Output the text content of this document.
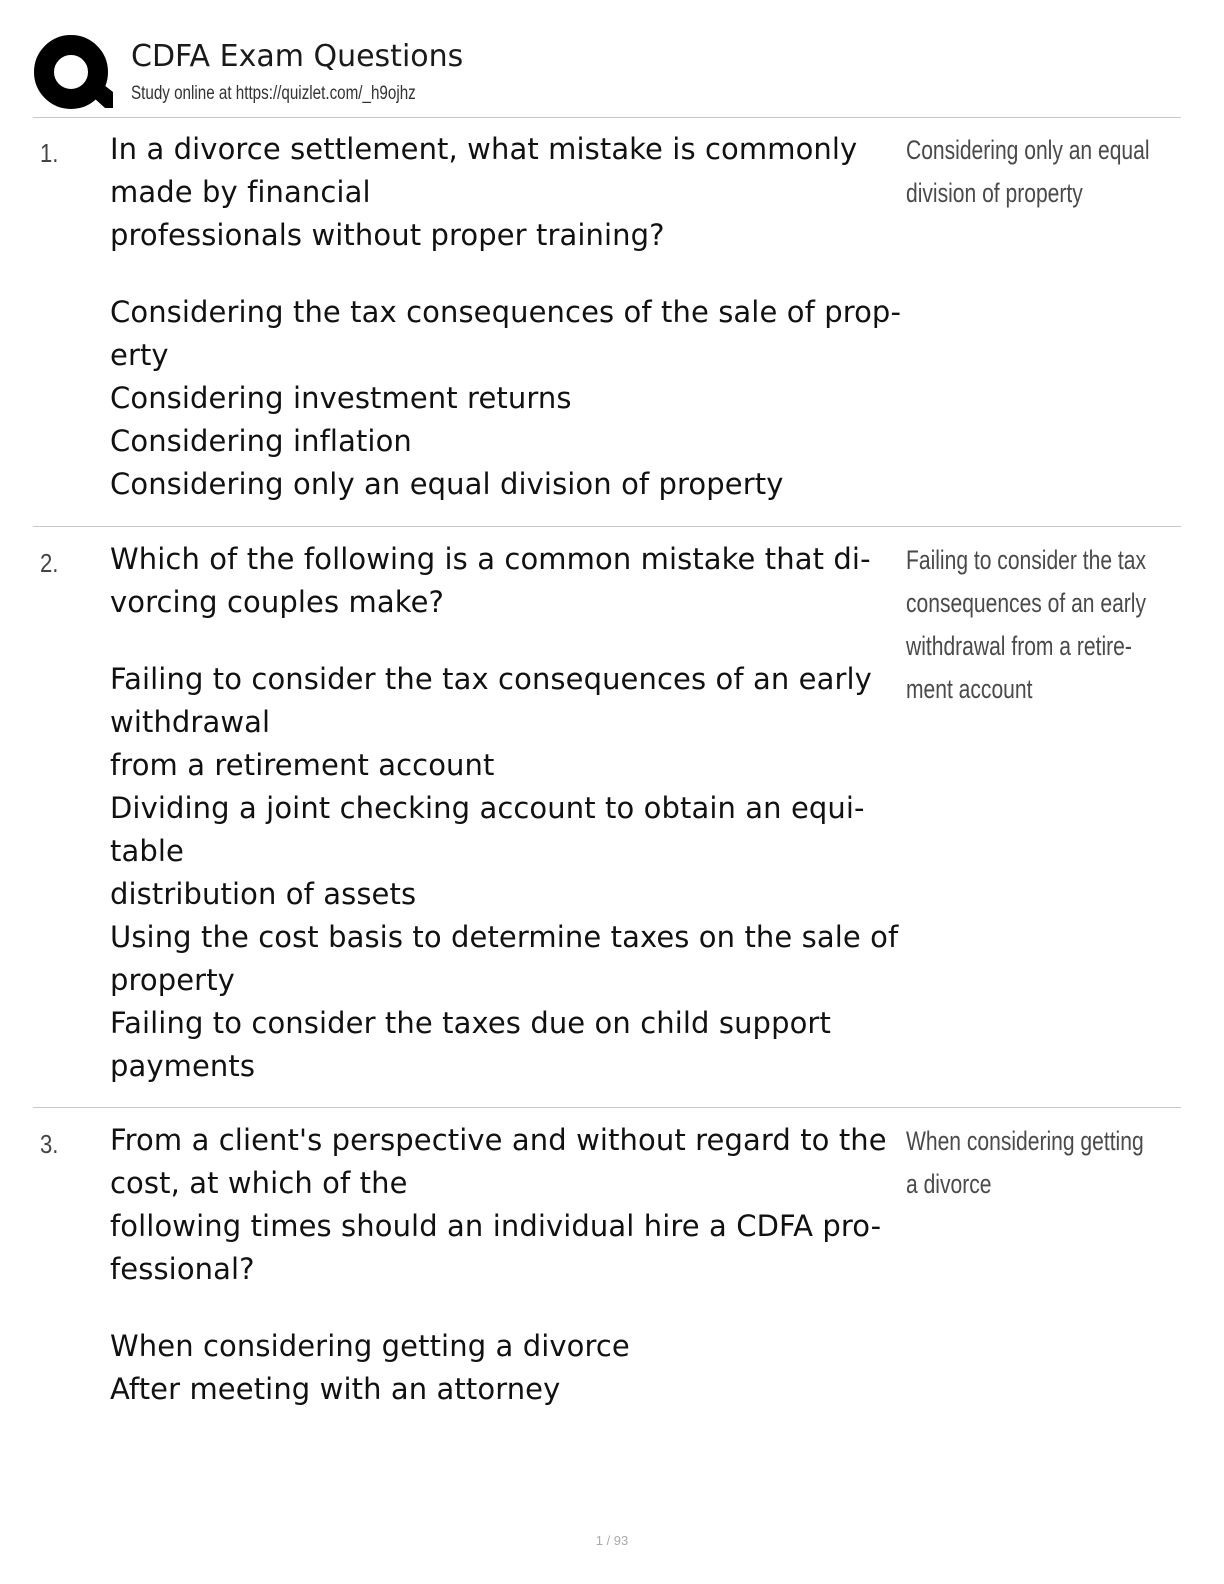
CDFA Exam Questions
Study online at https://quizlet.com/_h9ojhz
1. In a divorce settlement, what mistake is commonly
made by financial
professionals without proper training?
Considering the tax consequences of the sale of prop-
erty
Considering investment returns
Considering inflation
Considering only an equal division of property
Considering only an equal
division of property
2. Which of the following is a common mistake that di-
vorcing couples make?
Failing to consider the tax consequences of an early
withdrawal
from a retirement account
Dividing a joint checking account to obtain an equi-
table
distribution of assets
Using the cost basis to determine taxes on the sale of
property
Failing to consider the taxes due on child support
payments
Failing to consider the tax
consequences of an early
withdrawal from a retire-
ment account
3. From a client's perspective and without regard to the
cost, at which of the
following times should an individual hire a CDFA pro-
fessional?
When considering getting a divorce
After meeting with an attorney
When considering getting
a divorce
1 / 93
